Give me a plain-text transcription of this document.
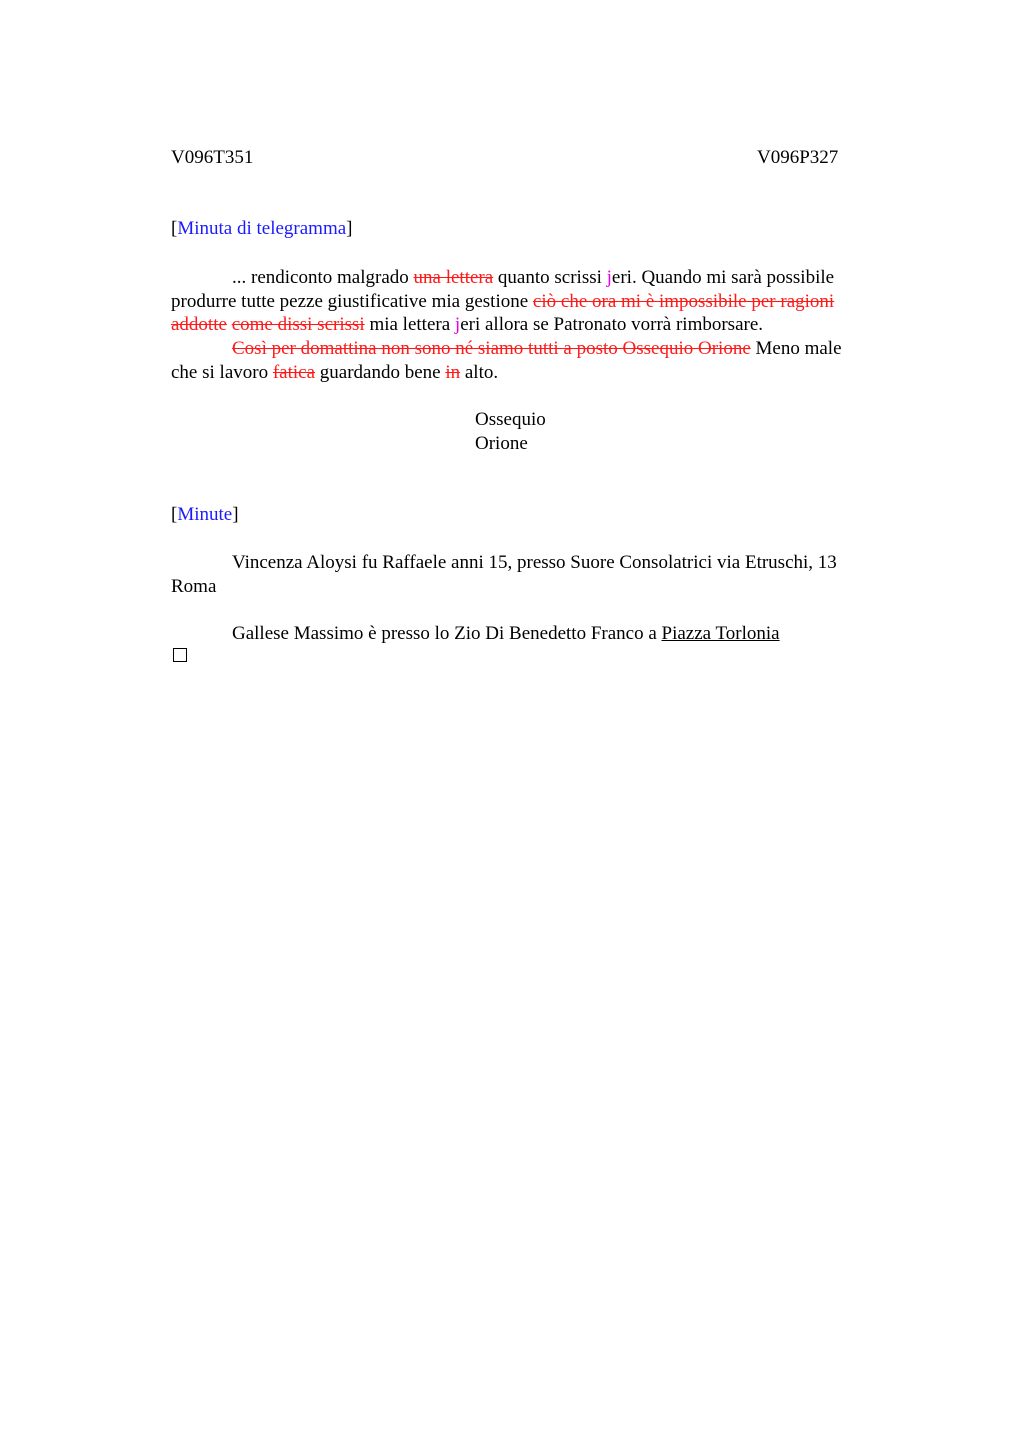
V096T351	V096P327
[Minuta di telegramma]
... rendiconto malgrado una lettera quanto scrissi jeri. Quando mi sarà possibile
produrre tutte pezze giustificative mia gestione ciò che ora mi è impossibile per ragioni
addotte come dissi scrissi mia lettera jeri allora se Patronato vorrà rimborsare.
Così per domattina non sono né siamo tutti a posto Ossequio Orione Meno male
che si lavoro fatica guardando bene in alto.
Ossequio
Orione
[Minute]
Vincenza Aloysi fu Raffaele anni 15, presso Suore Consolatrici via Etruschi, 13
Roma
Gallese Massimo è presso lo Zio Di Benedetto Franco a Piazza Torlonia
